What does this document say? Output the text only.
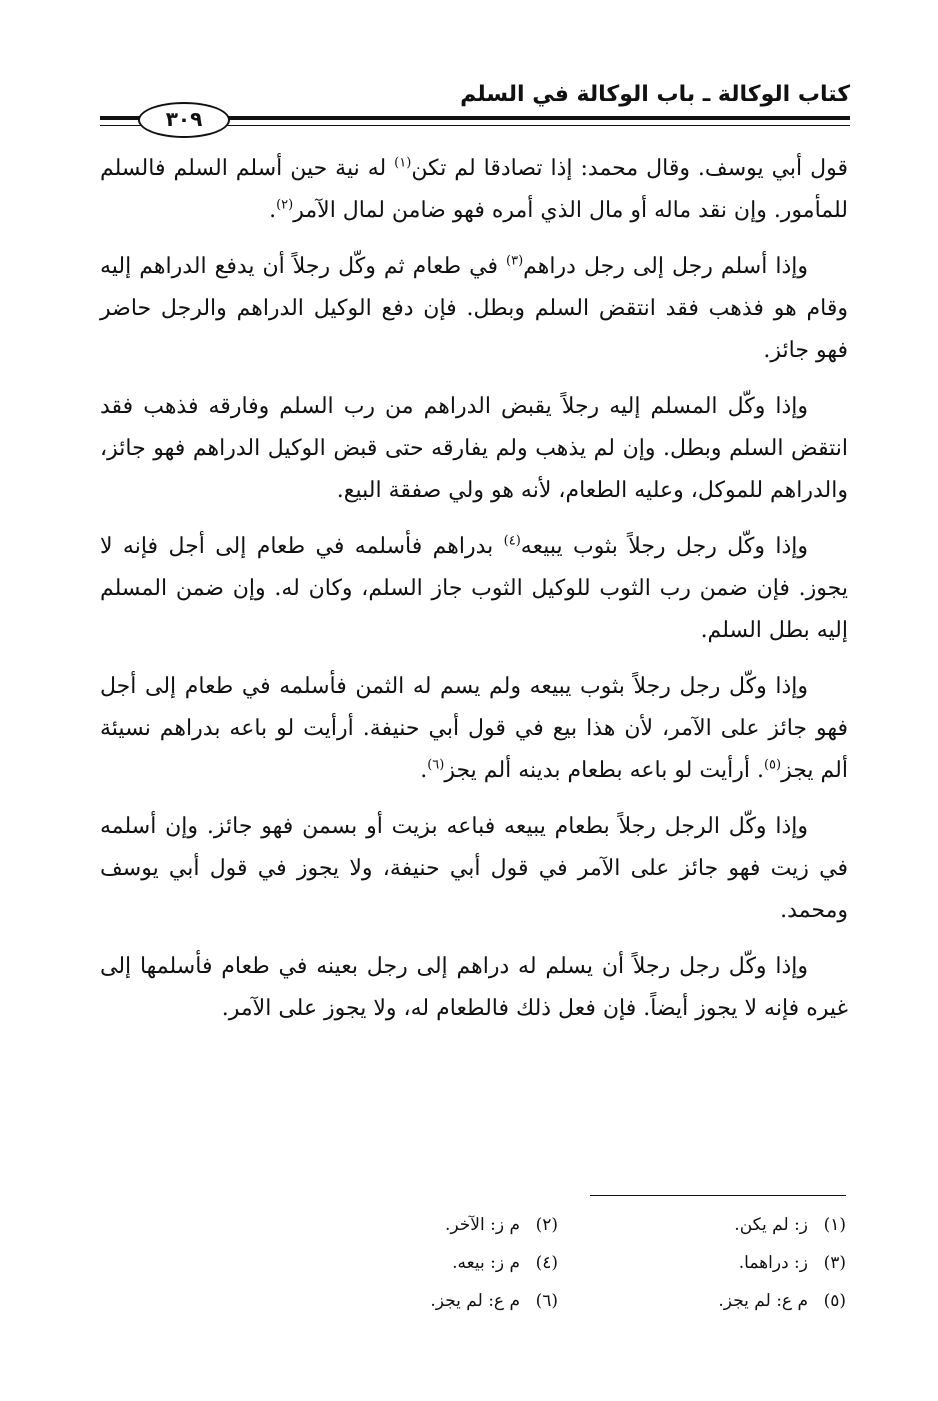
كتاب الوكالة ـ باب الوكالة في السلم
٣٠٩

قول أبي يوسف. وقال محمد: إذا تصادقا لم تكن$^{(١)}$ له نية حين أسلم السلم فالسلم للمأمور. وإن نقد ماله أو مال الذي أمره فهو ضامن لمال الآمر$^{(٢)}$.

وإذا أسلم رجل إلى رجل دراهم$^{(٣)}$ في طعام ثم وكّل رجلاً أن يدفع الدراهم إليه وقام هو فذهب فقد انتقض السلم وبطل. فإن دفع الوكيل الدراهم والرجل حاضر فهو جائز.

وإذا وكّل المسلم إليه رجلاً يقبض الدراهم من رب السلم وفارقه فذهب فقد انتقض السلم وبطل. وإن لم يذهب ولم يفارقه حتى قبض الوكيل الدراهم فهو جائز، والدراهم للموكل، وعليه الطعام، لأنه هو ولي صفقة البيع.

وإذا وكّل رجل رجلاً بثوب يبيعه$^{(٤)}$ بدراهم فأسلمه في طعام إلى أجل فإنه لا يجوز. فإن ضمن رب الثوب للوكيل الثوب جاز السلم، وكان له. وإن ضمن المسلم إليه بطل السلم.

وإذا وكّل رجل رجلاً بثوب يبيعه ولم يسم له الثمن فأسلمه في طعام إلى أجل فهو جائز على الآمر، لأن هذا بيع في قول أبي حنيفة. أرأيت لو باعه بدراهم نسيئة ألم يجز$^{(٥)}$. أرأيت لو باعه بطعام بدينه ألم يجز$^{(٦)}$.

وإذا وكّل الرجل رجلاً بطعام يبيعه فباعه بزيت أو بسمن فهو جائز. وإن أسلمه في زيت فهو جائز على الآمر في قول أبي حنيفة، ولا يجوز في قول أبي يوسف ومحمد.

وإذا وكّل رجل رجلاً أن يسلم له دراهم إلى رجل بعينه في طعام فأسلمها إلى غيره فإنه لا يجوز أيضاً. فإن فعل ذلك فالطعام له، ولا يجوز على الآمر.

(١)ز: لم يكن.
(٢)م ز: الآخر.
(٣)ز: دراهما.
(٤)م ز: بيعه.
(٥)م ع: لم يجز.
(٦)م ع: لم يجز.
